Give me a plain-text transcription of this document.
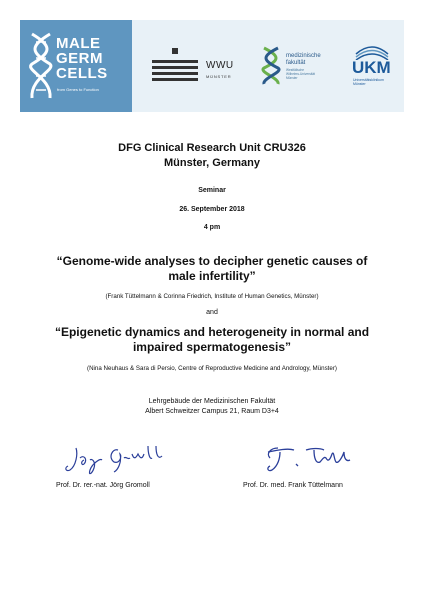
MALE
GERM
CELLS
from Genes to Function
WWU
MÜNSTER
medizinische
fakultät
Westfälische
Wilhelms-Universität
Münster
UKM
Universitätsklinikum
Münster
DFG Clinical Research Unit CRU326
Münster, Germany
Seminar
26. September 2018
4 pm
“Genome-wide analyses to decipher genetic causes of
male infertility”
(Frank Tüttelmann & Corinna Friedrich, Institute of Human Genetics, Münster)
and
“Epigenetic dynamics and heterogeneity in normal and
impaired spermatogenesis”
(Nina Neuhaus & Sara di Persio, Centre of Reproductive Medicine and Andrology, Münster)
Lehrgebäude der Medizinischen Fakultät
Albert Schweitzer Campus 21, Raum D3+4
Prof. Dr. rer.-nat. Jörg Gromoll	Prof. Dr. med. Frank Tüttelmann
